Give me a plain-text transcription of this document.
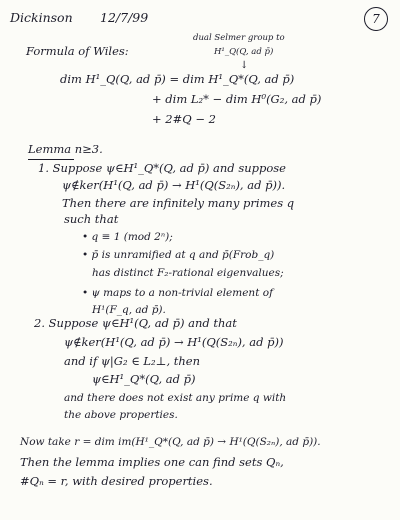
Dickinson 12/7/99	7
Formula of Wiles:
dual Selmer group to
H¹_Q(Q, ad p̄)
↓
dim H¹_Q(Q, ad p̄) = dim H¹_Q*(Q, ad p̄)
+ dim L₂* − dim H⁰(G₂, ad p̄)
+ 2#Q − 2
Lemma n≥3.
1. Suppose ψ∈H¹_Q*(Q, ad p̄) and suppose
ψ∉ker(H¹(Q, ad p̄) → H¹(Q(S₂ₙ), ad p̄)).
Then there are infinitely many primes q
such that
• q ≡ 1 (mod 2ⁿ);
• p̄ is unramified at q and p̄(Frob_q)
has distinct F₂-rational eigenvalues;
• ψ maps to a non-trivial element of
H¹(F_q, ad p̄).
2. Suppose ψ∈H¹(Q, ad p̄) and that
ψ∉ker(H¹(Q, ad p̄) → H¹(Q(S₂ₙ), ad p̄))
and if ψ|G₂ ∈ L₂⊥, then
ψ∈H¹_Q*(Q, ad p̄)
and there does not exist any prime q with
the above properties.
Now take r = dim im(H¹_Q*(Q, ad p̄) → H¹(Q(S₂ₙ), ad p̄)).
Then the lemma implies one can find sets Qₙ,
#Qₙ = r, with desired properties.
